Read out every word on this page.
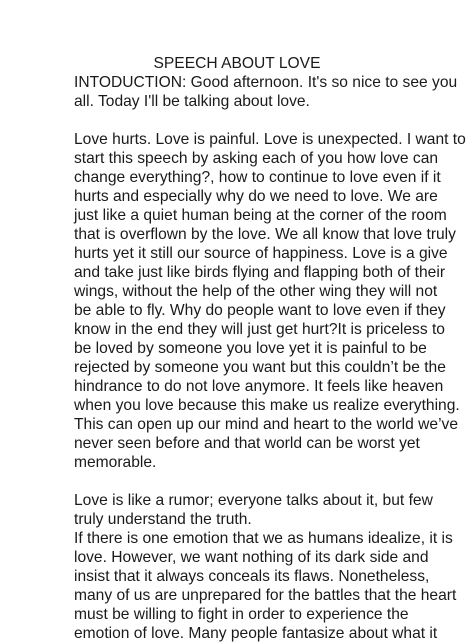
SPEECH ABOUT LOVE
INTODUCTION: Good afternoon. It's so nice to see you
all. Today I'll be talking about love.
Love hurts. Love is painful. Love is unexpected. I want to
start this speech by asking each of you how love can
change everything?, how to continue to love even if it
hurts and especially why do we need to love. We are
just like a quiet human being at the corner of the room
that is overflown by the love. We all know that love truly
hurts yet it still our source of happiness. Love is a give
and take just like birds flying and flapping both of their
wings, without the help of the other wing they will not
be able to fly. Why do people want to love even if they
know in the end they will just get hurt?It is priceless to
be loved by someone you love yet it is painful to be
rejected by someone you want but this couldn’t be the
hindrance to do not love anymore. It feels like heaven
when you love because this make us realize everything.
This can open up our mind and heart to the world we’ve
never seen before and that world can be worst yet
memorable.
Love is like a rumor; everyone talks about it, but few
truly understand the truth.
If there is one emotion that we as humans idealize, it is
love. However, we want nothing of its dark side and
insist that it always conceals its flaws. Nonetheless,
many of us are unprepared for the battles that the heart
must be willing to fight in order to experience the
emotion of love. Many people fantasize about what it
